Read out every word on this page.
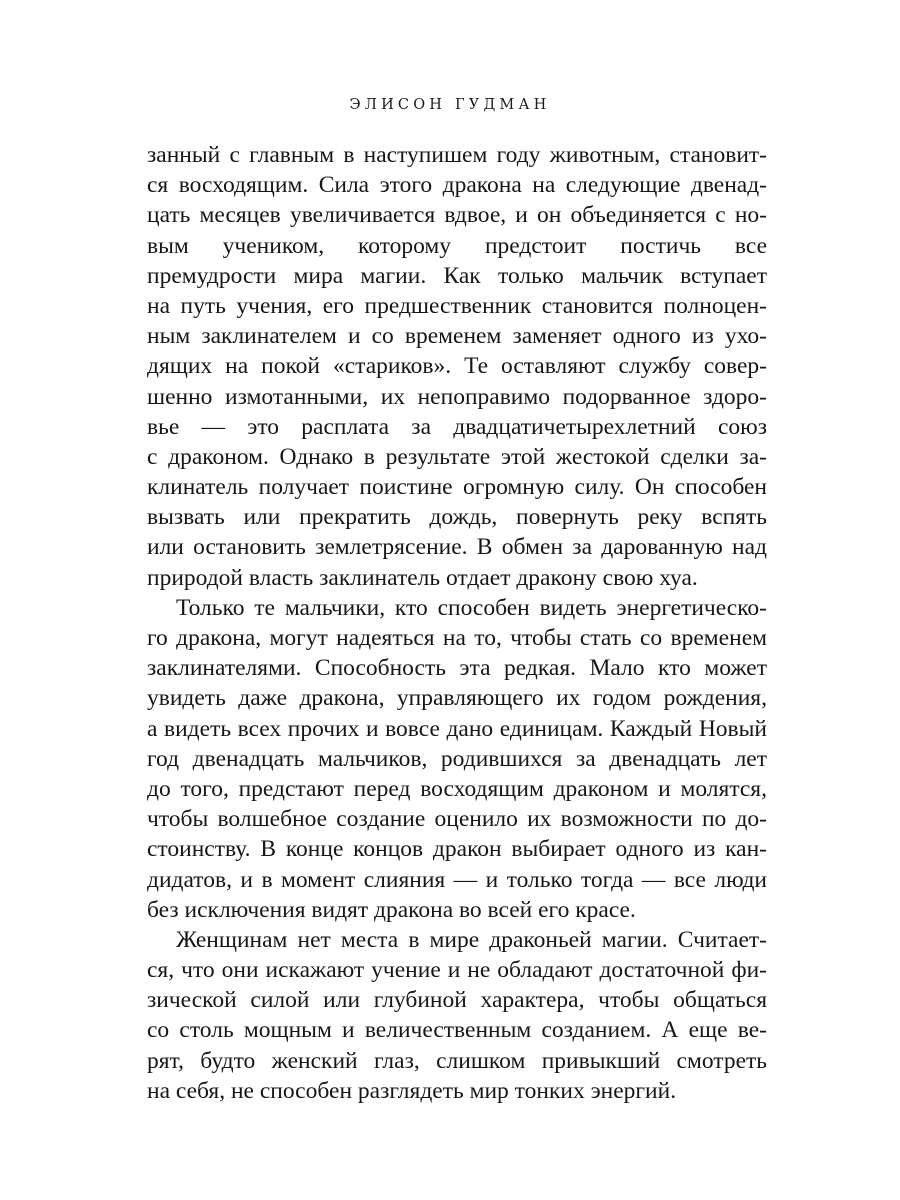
ЭЛИСОН ГУДМАН
занный с главным в наступишем году животным, становит-
ся восходящим. Сила этого дракона на следующие двенад-
цать месяцев увеличивается вдвое, и он объединяется с но-
вым учеником, которому предстоит постичь все
премудрости мира магии. Как только мальчик вступает
на путь учения, его предшественник становится полноцен-
ным заклинателем и со временем заменяет одного из ухо-
дящих на покой «стариков». Те оставляют службу совер-
шенно измотанными, их непоправимо подорванное здоро-
вье — это расплата за двадцатичетырехлетний союз
с драконом. Однако в результате этой жестокой сделки за-
клинатель получает поистине огромную силу. Он способен
вызвать или прекратить дождь, повернуть реку вспять
или остановить землетрясение. В обмен за дарованную над
природой власть заклинатель отдает дракону свою хуа.
Только те мальчики, кто способен видеть энергетическо-
го дракона, могут надеяться на то, чтобы стать со временем
заклинателями. Способность эта редкая. Мало кто может
увидеть даже дракона, управляющего их годом рождения,
а видеть всех прочих и вовсе дано единицам. Каждый Новый
год двенадцать мальчиков, родившихся за двенадцать лет
до того, предстают перед восходящим драконом и молятся,
чтобы волшебное создание оценило их возможности по до-
стоинству. В конце концов дракон выбирает одного из кан-
дидатов, и в момент слияния — и только тогда — все люди
без исключения видят дракона во всей его красе.
Женщинам нет места в мире драконьей магии. Считает-
ся, что они искажают учение и не обладают достаточной фи-
зической силой или глубиной характера, чтобы общаться
со столь мощным и величественным созданием. А еще ве-
рят, будто женский глаз, слишком привыкший смотреть
на себя, не способен разглядеть мир тонких энергий.
